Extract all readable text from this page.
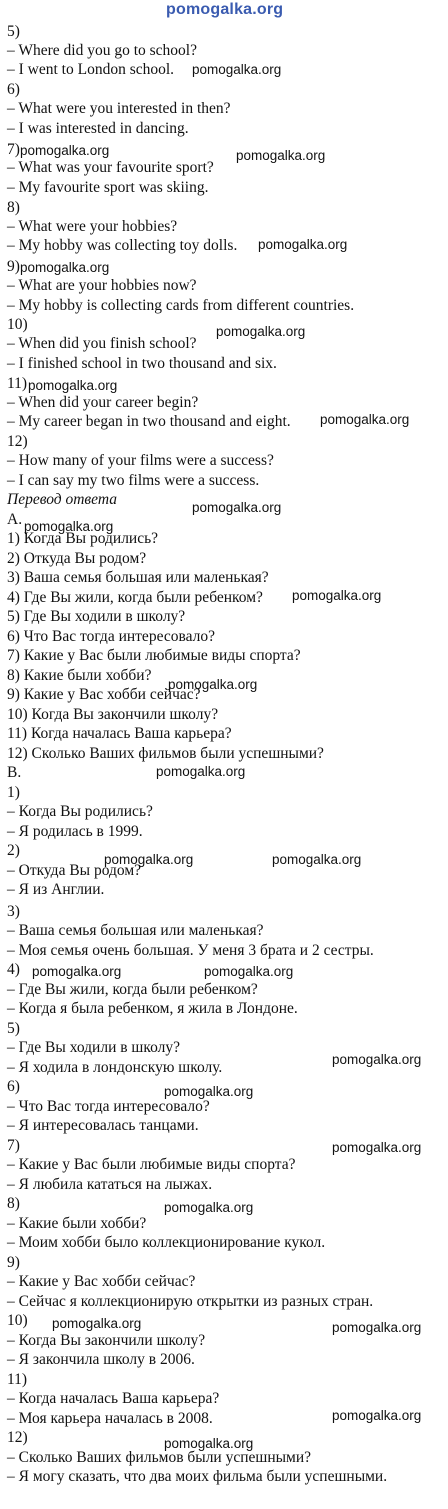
5)
– Where did you go to school?
– I went to London school.
6)
– What were you interested in then?
– I was interested in dancing.
7)
– What was your favourite sport?
– My favourite sport was skiing.
8)
– What were your hobbies?
– My hobby was collecting toy dolls.
9)
– What are your hobbies now?
– My hobby is collecting cards from different countries.
10)
– When did you finish school?
– I finished school in two thousand and six.
11)
– When did your career begin?
– My career began in two thousand and eight.
12)
– How many of your films were a success?
– I can say my two films were a success.
Перевод ответа
A.
1) Когда Вы родились?
2) Откуда Вы родом?
3) Ваша семья большая или маленькая?
4) Где Вы жили, когда были ребенком?
5) Где Вы ходили в школу?
6) Что Вас тогда интересовало?
7) Какие у Вас были любимые виды спорта?
8) Какие были хобби?
9) Какие у Вас хобби сейчас?
10) Когда Вы закончили школу?
11) Когда началась Ваша карьера?
12) Сколько Ваших фильмов были успешными?
B.
1)
– Когда Вы родились?
– Я родилась в 1999.
2)
– Откуда Вы родом?
– Я из Англии.
3)
– Ваша семья большая или маленькая?
– Моя семья очень большая. У меня 3 брата и 2 сестры.
4)
– Где Вы жили, когда были ребенком?
– Когда я была ребенком, я жила в Лондоне.
5)
– Где Вы ходили в школу?
– Я ходила в лондонскую школу.
6)
– Что Вас тогда интересовало?
– Я интересовалась танцами.
7)
– Какие у Вас были любимые виды спорта?
– Я любила кататься на лыжах.
8)
– Какие были хобби?
– Моим хобби было коллекционирование кукол.
9)
– Какие у Вас хобби сейчас?
– Сейчас я коллекционирую открытки из разных стран.
10)
– Когда Вы закончили школу?
– Я закончила школу в 2006.
11)
– Когда началась Ваша карьера?
– Моя карьера началась в 2008.
12)
– Сколько Ваших фильмов были успешными?
– Я могу сказать, что два моих фильма были успешными.
pomogalka.org
pomogalka.org
pomogalka.org	pomogalka.org
pomogalka.org
pomogalka.org
pomogalka.org
pomogalka.org
pomogalka.org
pomogalka.org
pomogalka.org
pomogalka.org
pomogalka.org
pomogalka.org
pomogalka.org	pomogalka.org
pomogalka.org	pomogalka.org
pomogalka.org
pomogalka.org
pomogalka.org
pomogalka.org
pomogalka.org	pomogalka.org
pomogalka.org
pomogalka.org
